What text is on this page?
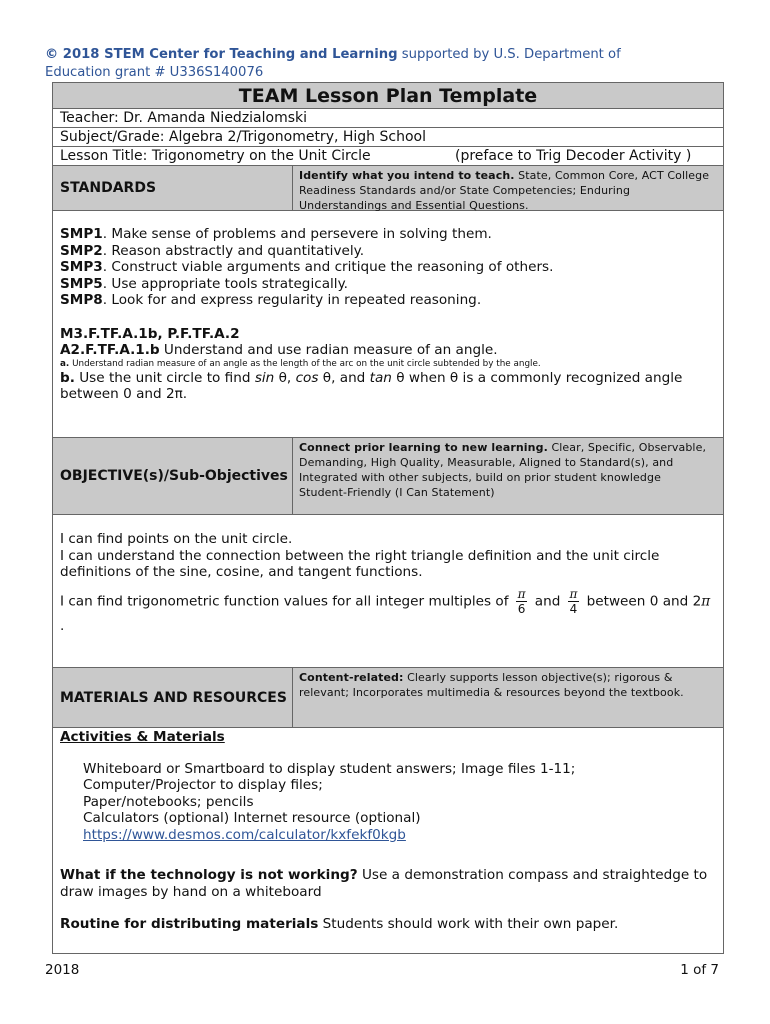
© 2018 STEM Center for Teaching and Learning supported by U.S. Department of Education grant # U336S140076
TEAM Lesson Plan Template
Teacher: Dr. Amanda Niedzialomski
Subject/Grade: Algebra 2/Trigonometry, High School
Lesson Title: Trigonometry on the Unit Circle	(preface to Trig Decoder Activity )
STANDARDS
Identify what you intend to teach. State, Common Core, ACT College Readiness Standards and/or State Competencies; Enduring Understandings and Essential Questions.

SMP1. Make sense of problems and persevere in solving them.

SMP2. Reason abstractly and quantitatively.

SMP3. Construct viable arguments and critique the reasoning of others.

SMP5. Use appropriate tools strategically.

SMP8. Look for and express regularity in repeated reasoning.

M3.F.TF.A.1b, P.F.TF.A.2

A2.F.TF.A.1.b Understand and use radian measure of an angle.

a. Understand radian measure of an angle as the length of the arc on the unit circle subtended by the angle.

b. Use the unit circle to find sin θ, cos θ, and tan θ when θ is a commonly recognized angle between 0 and 2π.

OBJECTIVE(s)/Sub-Objectives
Connect prior learning to new learning. Clear, Specific, Observable, Demanding, High Quality, Measurable, Aligned to Standard(s), and Integrated with other subjects, build on prior student knowledge
Student-Friendly (I Can Statement)

I can find points on the unit circle.

I can understand the connection between the right triangle definition and the unit circle definitions of the sine, cosine, and tangent functions.

I can find trigonometric function values for all integer multiples of $\frac{\pi}{6}$ and $\frac{\pi}{4}$ between 0 and 2π

.

MATERIALS AND RESOURCES
Content-related: Clearly supports lesson objective(s); rigorous & relevant; Incorporates multimedia & resources beyond the textbook.

Activities & Materials

Whiteboard or Smartboard to display student answers; Image files 1-11;

Computer/Projector to display files;

Paper/notebooks; pencils

Calculators (optional) Internet resource (optional)

https://www.desmos.com/calculator/kxfekf0kgb

What if the technology is not working? Use a demonstration compass and straightedge to draw images by hand on a whiteboard

Routine for distributing materials Students should work with their own paper.

2018	1 of 7
